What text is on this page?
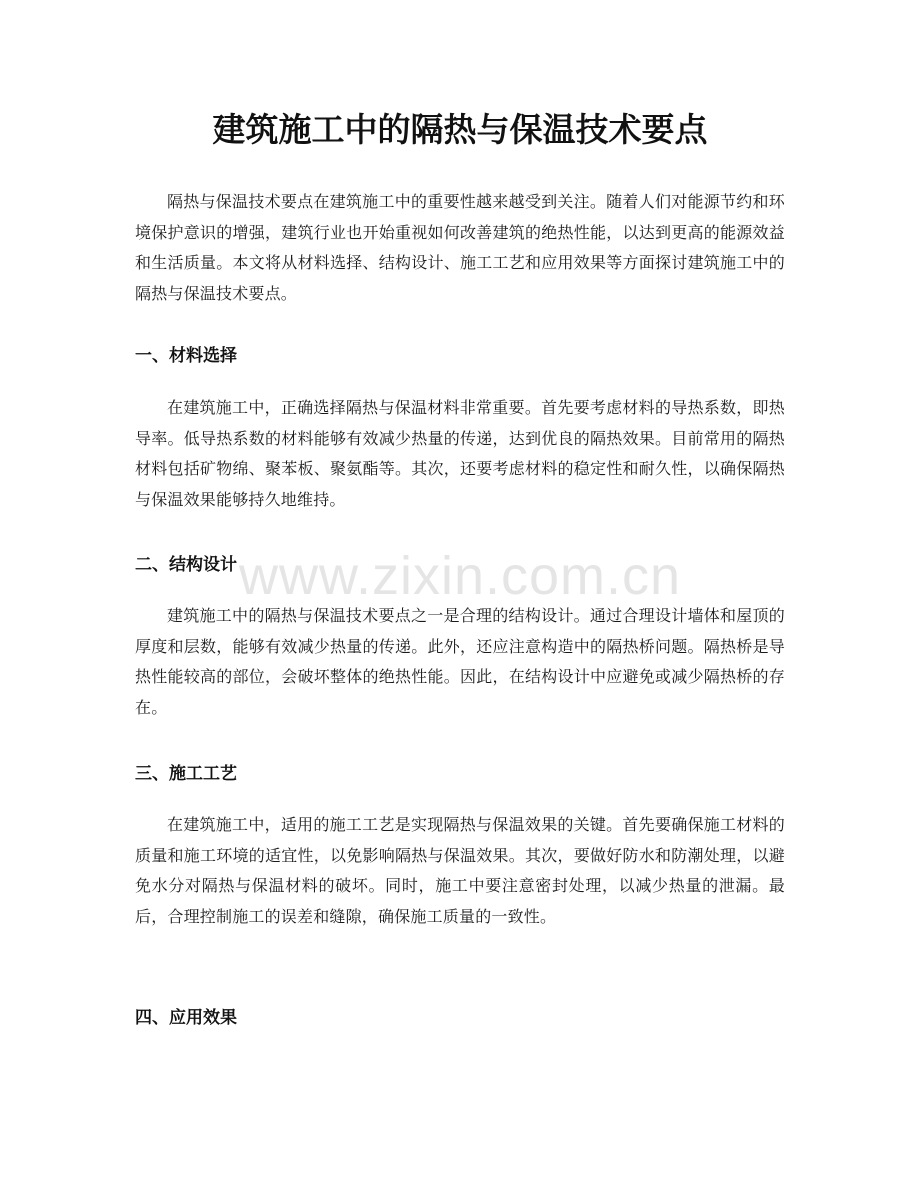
建筑施工中的隔热与保温技术要点

隔热与保温技术要点在建筑施工中的重要性越来越受到关注。随着人们对能源节约和环境保护意识的增强，建筑行业也开始重视如何改善建筑的绝热性能，以达到更高的能源效益和生活质量。本文将从材料选择、结构设计、施工工艺和应用效果等方面探讨建筑施工中的隔热与保温技术要点。

一、材料选择

在建筑施工中，正确选择隔热与保温材料非常重要。首先要考虑材料的导热系数，即热导率。低导热系数的材料能够有效减少热量的传递，达到优良的隔热效果。目前常用的隔热材料包括矿物绵、聚苯板、聚氨酯等。其次，还要考虑材料的稳定性和耐久性，以确保隔热与保温效果能够持久地维持。

二、结构设计

建筑施工中的隔热与保温技术要点之一是合理的结构设计。通过合理设计墙体和屋顶的厚度和层数，能够有效减少热量的传递。此外，还应注意构造中的隔热桥问题。隔热桥是导热性能较高的部位，会破坏整体的绝热性能。因此，在结构设计中应避免或减少隔热桥的存在。

三、施工工艺

在建筑施工中，适用的施工工艺是实现隔热与保温效果的关键。首先要确保施工材料的质量和施工环境的适宜性，以免影响隔热与保温效果。其次，要做好防水和防潮处理，以避免水分对隔热与保温材料的破坏。同时，施工中要注意密封处理，以减少热量的泄漏。最后，合理控制施工的误差和缝隙，确保施工质量的一致性。

四、应用效果
www.zixin.com.cn
